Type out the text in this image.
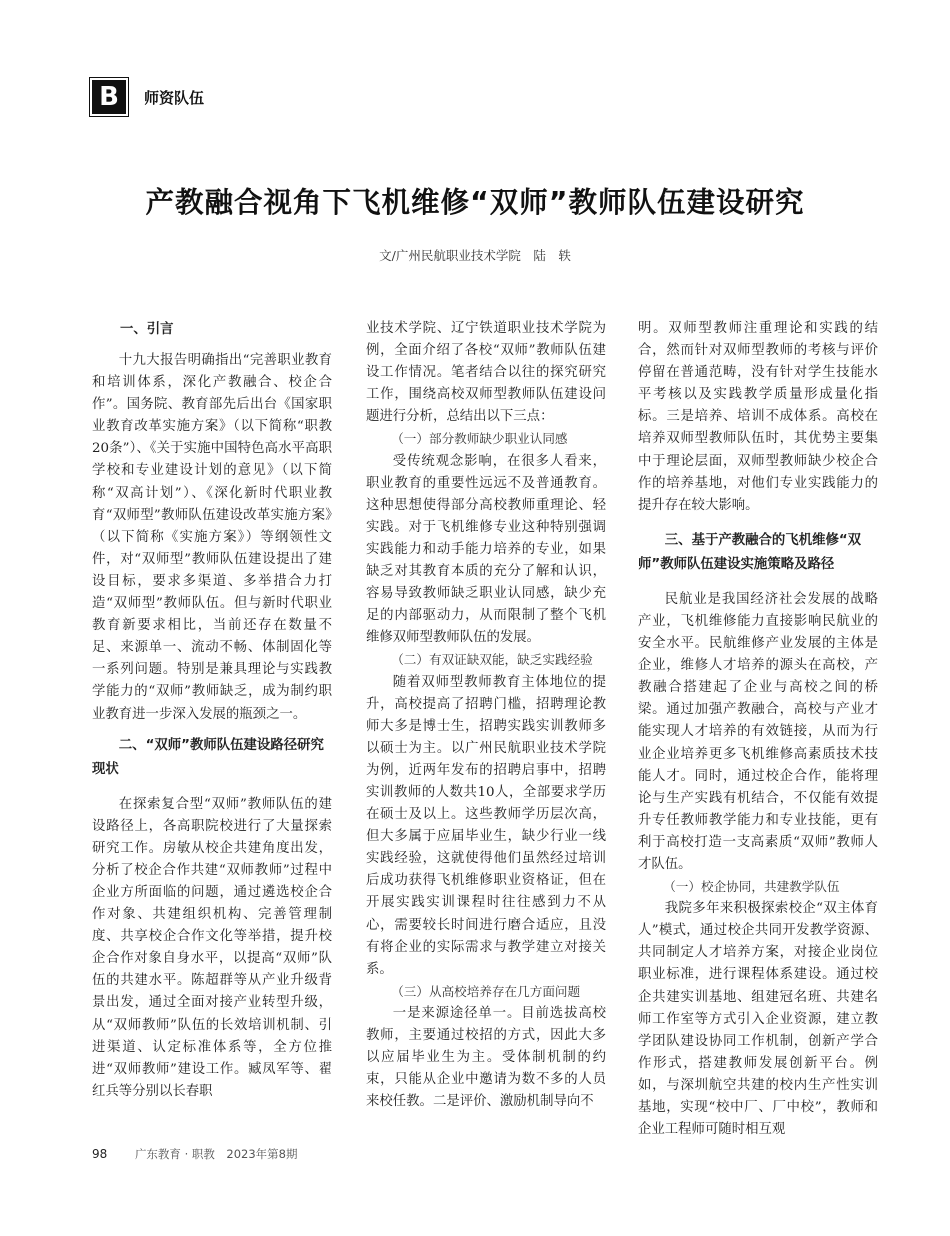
B	师资队伍
产教融合视角下飞机维修“双师”教师队伍建设研究
文/广州民航职业技术学院　陆　轶
一、引言

十九大报告明确指出“完善职业教育和培训体系，深化产教融合、校企合作”。国务院、教育部先后出台《国家职业教育改革实施方案》（以下简称“职教20条”）、《关于实施中国特色高水平高职学校和专业建设计划的意见》（以下简称“双高计划”）、《深化新时代职业教育“双师型”教师队伍建设改革实施方案》（以下简称《实施方案》）等纲领性文件，对“双师型”教师队伍建设提出了建设目标，要求多渠道、多举措合力打造“双师型”教师队伍。但与新时代职业教育新要求相比，当前还存在数量不足、来源单一、流动不畅、体制固化等一系列问题。特别是兼具理论与实践教学能力的“双师”教师缺乏，成为制约职业教育进一步深入发展的瓶颈之一。

二、“双师”教师队伍建设路径研究现状

在探索复合型“双师”教师队伍的建设路径上，各高职院校进行了大量探索研究工作。房敏从校企共建角度出发，分析了校企合作共建“双师教师”过程中企业方所面临的问题，通过遴选校企合作对象、共建组织机构、完善管理制度、共享校企合作文化等举措，提升校企合作对象自身水平，以提高“双师”队伍的共建水平。陈超群等从产业升级背景出发，通过全面对接产业转型升级，从“双师教师”队伍的长效培训机制、引进渠道、认定标准体系等，全方位推进“双师教师”建设工作。臧凤军等、翟红兵等分别以长春职

业技术学院、辽宁铁道职业技术学院为例，全面介绍了各校“双师”教师队伍建设工作情况。笔者结合以往的探究研究工作，围绕高校双师型教师队伍建设问题进行分析，总结出以下三点：

（一）部分教师缺少职业认同感

受传统观念影响，在很多人看来，职业教育的重要性远远不及普通教育。这种思想使得部分高校教师重理论、轻实践。对于飞机维修专业这种特别强调实践能力和动手能力培养的专业，如果缺乏对其教育本质的充分了解和认识，容易导致教师缺乏职业认同感，缺少充足的内部驱动力，从而限制了整个飞机维修双师型教师队伍的发展。

（二）有双证缺双能，缺乏实践经验

随着双师型教师教育主体地位的提升，高校提高了招聘门槛，招聘理论教师大多是博士生，招聘实践实训教师多以硕士为主。以广州民航职业技术学院为例，近两年发布的招聘启事中，招聘实训教师的人数共10人，全部要求学历在硕士及以上。这些教师学历层次高，但大多属于应届毕业生，缺少行业一线实践经验，这就使得他们虽然经过培训后成功获得飞机维修职业资格证，但在开展实践实训课程时往往感到力不从心，需要较长时间进行磨合适应，且没有将企业的实际需求与教学建立对接关系。

（三）从高校培养存在几方面问题

一是来源途径单一。目前选拔高校教师，主要通过校招的方式，因此大多以应届毕业生为主。受体制机制的约束，只能从企业中邀请为数不多的人员来校任教。二是评价、激励机制导向不

明。双师型教师注重理论和实践的结合，然而针对双师型教师的考核与评价停留在普通范畴，没有针对学生技能水平考核以及实践教学质量形成量化指标。三是培养、培训不成体系。高校在培养双师型教师队伍时，其优势主要集中于理论层面，双师型教师缺少校企合作的培养基地，对他们专业实践能力的提升存在较大影响。

三、基于产教融合的飞机维修“双师”教师队伍建设实施策略及路径

民航业是我国经济社会发展的战略产业，飞机维修能力直接影响民航业的安全水平。民航维修产业发展的主体是企业，维修人才培养的源头在高校，产教融合搭建起了企业与高校之间的桥梁。通过加强产教融合，高校与产业才能实现人才培养的有效链接，从而为行业企业培养更多飞机维修高素质技术技能人才。同时，通过校企合作，能将理论与生产实践有机结合，不仅能有效提升专任教师教学能力和专业技能，更有利于高校打造一支高素质“双师”教师人才队伍。

（一）校企协同，共建教学队伍

我院多年来积极探索校企“双主体育人”模式，通过校企共同开发教学资源、共同制定人才培养方案，对接企业岗位职业标准，进行课程体系建设。通过校企共建实训基地、组建冠名班、共建名师工作室等方式引入企业资源，建立教学团队建设协同工作机制，创新产学合作形式，搭建教师发展创新平台。例如，与深圳航空共建的校内生产性实训基地，实现“校中厂、厂中校”，教师和企业工程师可随时相互观

98 广东教育 · 职教　2023年第8期
